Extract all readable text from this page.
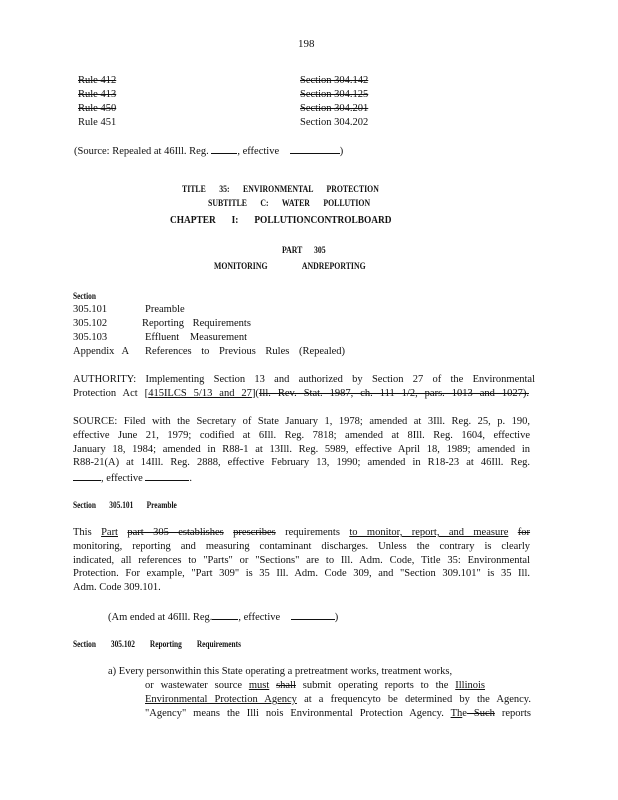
198
Rule 412	Section 304.142
Rule 413	Section 304.125
Rule 450	Section 304.201
Rule 451	Section 304.202
(Source: Repealed at 46Ill. Reg.	, effective	)
TITLE 35: ENVIRONMENTAL PROTECTION
SUBTITLE C: WATER POLLUTION
CHAPTER I: POLLUTIONCONTROLBOARD
PART 305
MONITORING ANDREPORTING
Section
305.101	Preamble
305.102	Reporting Requirements
305.103	Effluent Measurement
Appendix A References to Previous Rules (Repealed)
AUTHORITY: Implementing Section 13 and authorized by Section 27 of the Environmental
Protection Act [415ILCS 5/13 and 27](Ill. Rev. Stat. 1987, ch. 111 1/2, pars. 1013 and 1027).
SOURCE: Filed with the Secretary of State January 1, 1978; amended at 3Ill. Reg. 25, p. 190,
effective June 21, 1979; codified at 6Ill. Reg. 7818; amended at 8Ill. Reg. 1604, effective
January 18, 1984; amended in R88-1 at 13Ill. Reg. 5989, effective April 18, 1989; amended in
R88-21(A) at 14Ill. Reg. 2888, effective February 13, 1990; amended in R18-23 at 46Ill. Reg.
, effective	.
Section 305.101 Preamble
This Part part 305 establishes prescribes requirements to monitor, report, and measure for
monitoring, reporting and measuring contaminant discharges. Unless the contrary is clearly
indicated, all references to "Parts" or "Sections" are to Ill. Adm. Code, Title 35: Environmental
Protection. For example, "Part 309" is 35 Ill. Adm. Code 309, and "Section 309.101" is 35 Ill.
Adm. Code 309.101.
(Am ended at 46Ill. Reg. , effective	)
Section 305.102 Reporting Requirements
a) Every personwithin this State operating a pretreatment works, treatment works,
or wastewater source must shall submit operating reports to the Illinois
Environmental Protection Agency at a frequencyto be determined by the Agency.
"Agency" means the Illi nois Environmental Protection Agency. The Such reports
